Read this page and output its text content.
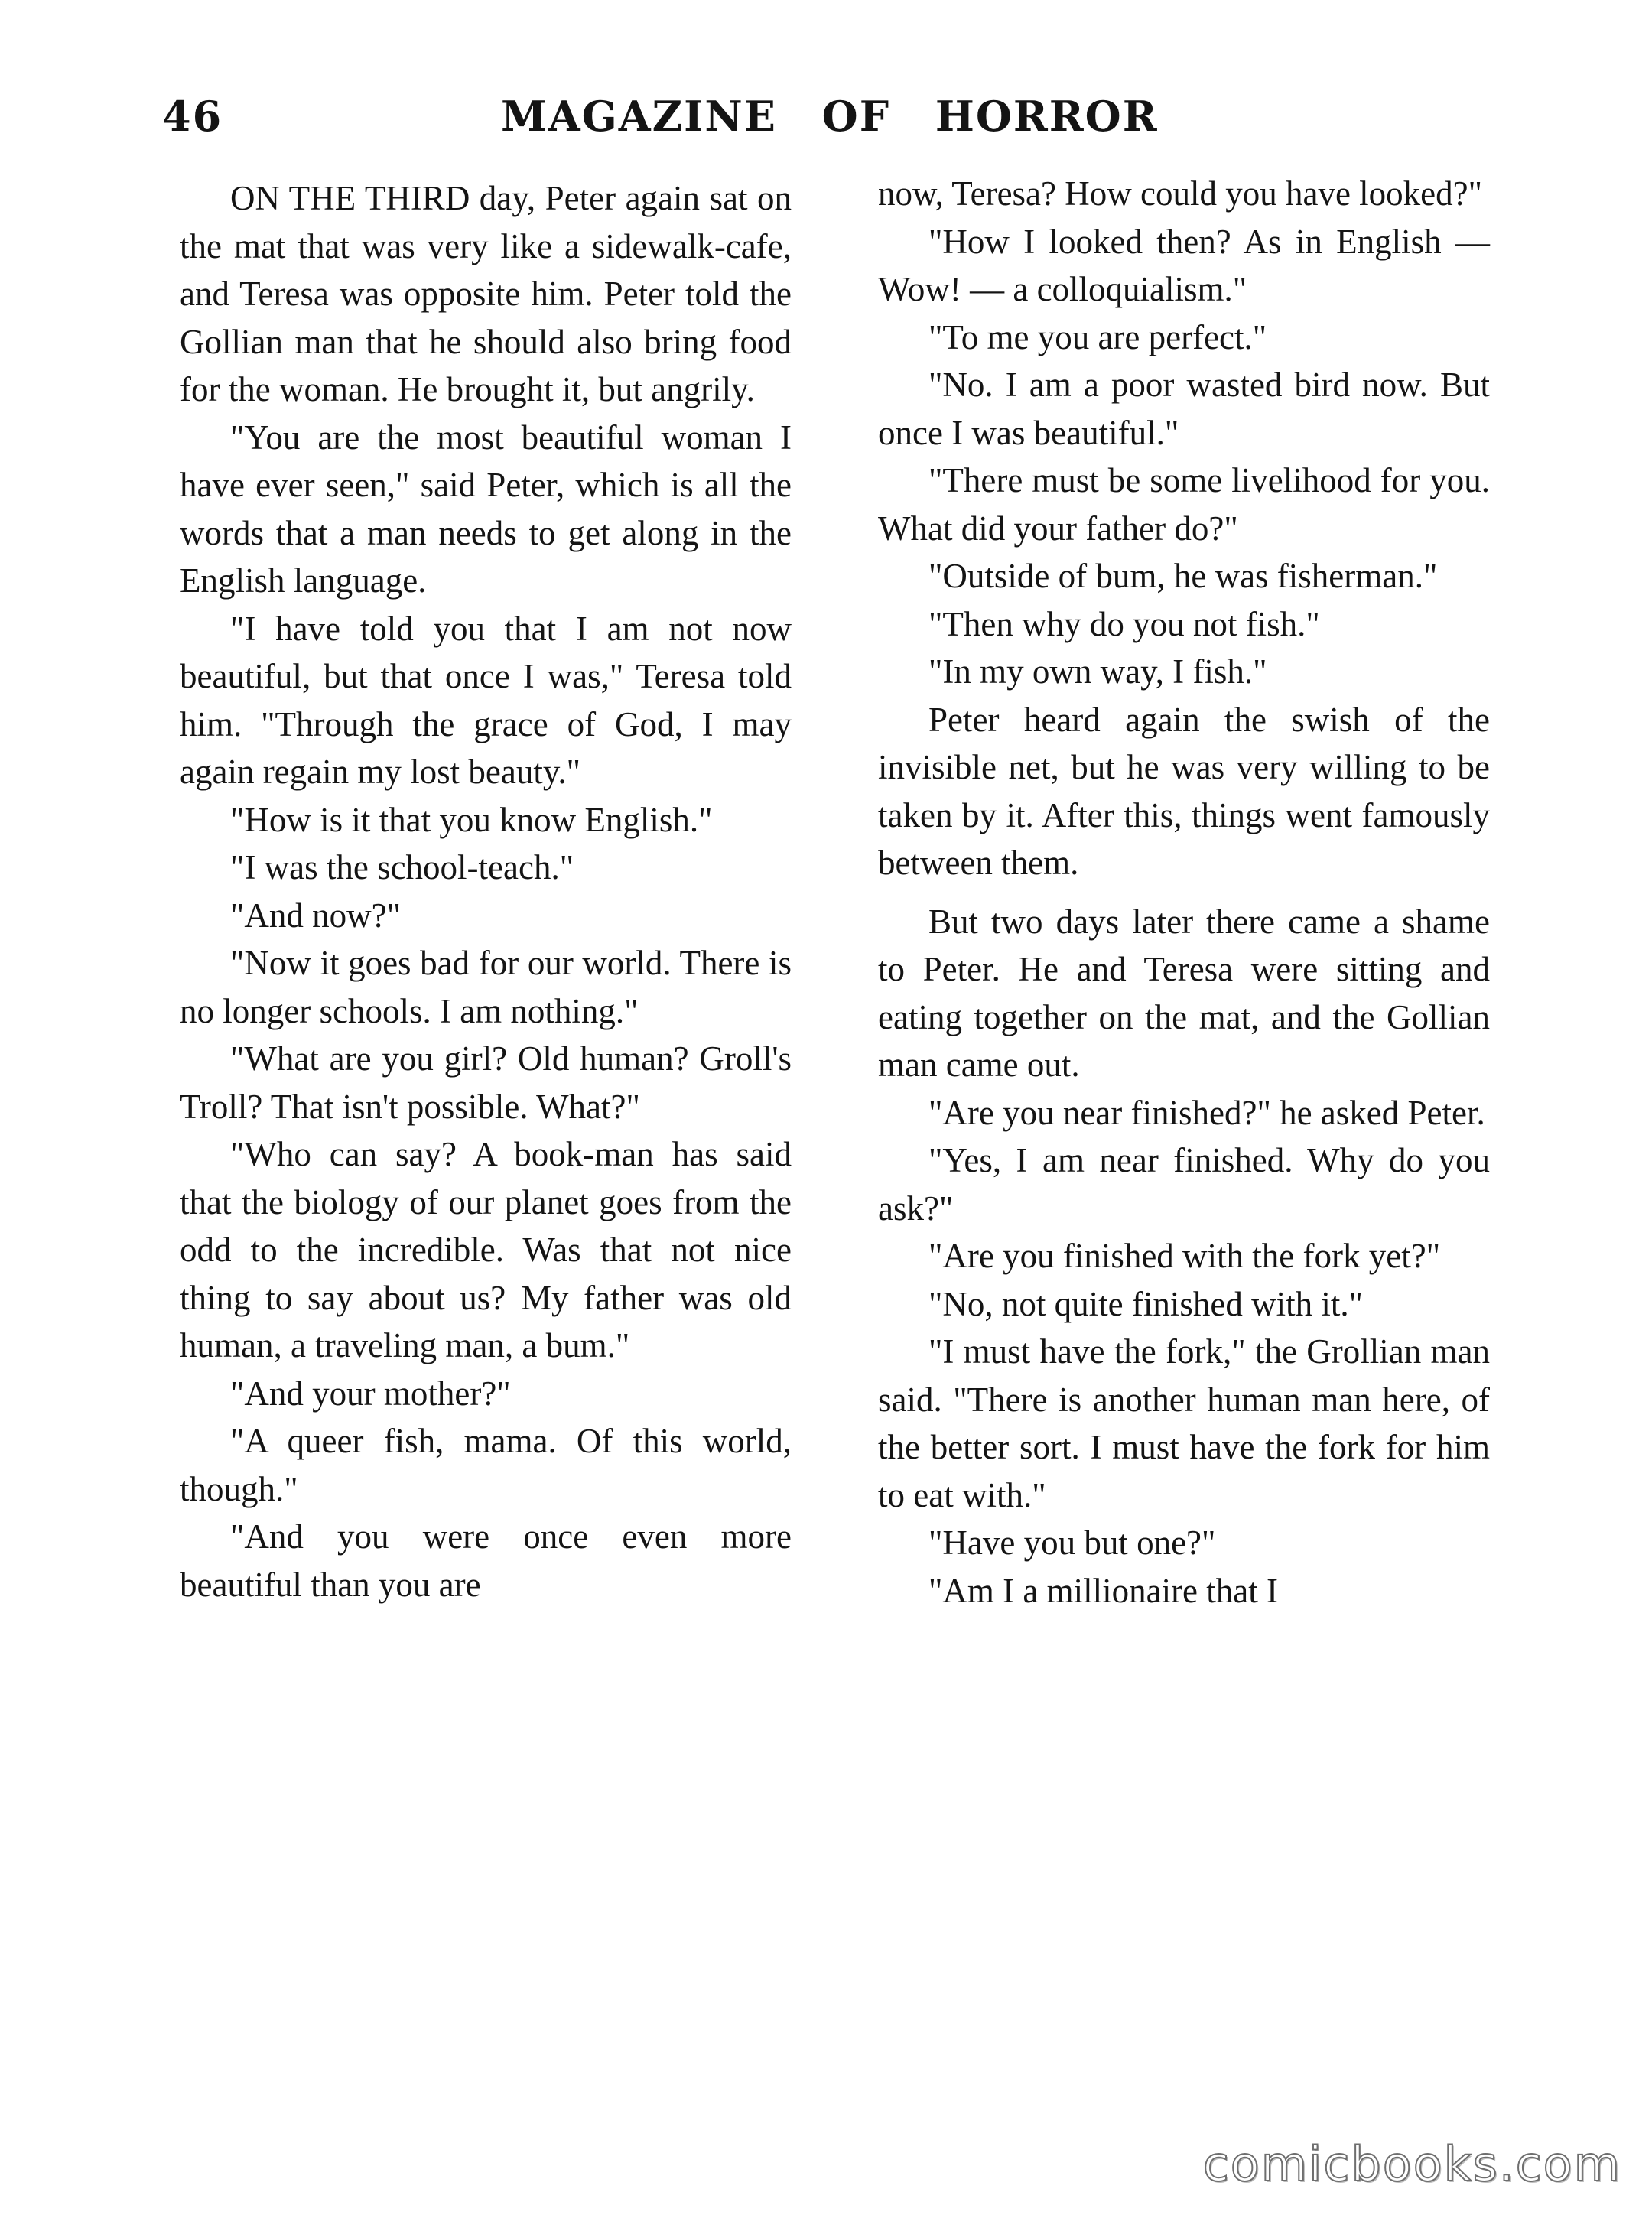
46	MAGAZINE OF HORROR

ON THE THIRD day, Peter again sat on the mat that was very like a sidewalk-cafe, and Teresa was opposite him. Peter told the Gollian man that he should also bring food for the woman. He brought it, but angrily.

"You are the most beautiful woman I have ever seen," said Peter, which is all the words that a man needs to get along in the English language.

"I have told you that I am not now beautiful, but that once I was," Teresa told him. "Through the grace of God, I may again regain my lost beauty."

"How is it that you know English."

"I was the school-teach."

"And now?"

"Now it goes bad for our world. There is no longer schools. I am nothing."

"What are you girl? Old human? Groll's Troll? That isn't possible. What?"

"Who can say? A book-man has said that the biology of our planet goes from the odd to the incredible. Was that not nice thing to say about us? My father was old human, a traveling man, a bum."

"And your mother?"

"A queer fish, mama. Of this world, though."

"And you were once even more beautiful than you are

now, Teresa? How could you have looked?"

"How I looked then? As in English — Wow! — a colloquialism."

"To me you are perfect."

"No. I am a poor wasted bird now. But once I was beautiful."

"There must be some livelihood for you. What did your father do?"

"Outside of bum, he was fisherman."

"Then why do you not fish."

"In my own way, I fish."

Peter heard again the swish of the invisible net, but he was very willing to be taken by it. After this, things went famously between them.

But two days later there came a shame to Peter. He and Teresa were sitting and eating together on the mat, and the Gollian man came out.

"Are you near finished?" he asked Peter.

"Yes, I am near finished. Why do you ask?"

"Are you finished with the fork yet?"

"No, not quite finished with it."

"I must have the fork," the Grollian man said. "There is another human man here, of the better sort. I must have the fork for him to eat with."

"Have you but one?"

"Am I a millionaire that I

comicbooks.com
